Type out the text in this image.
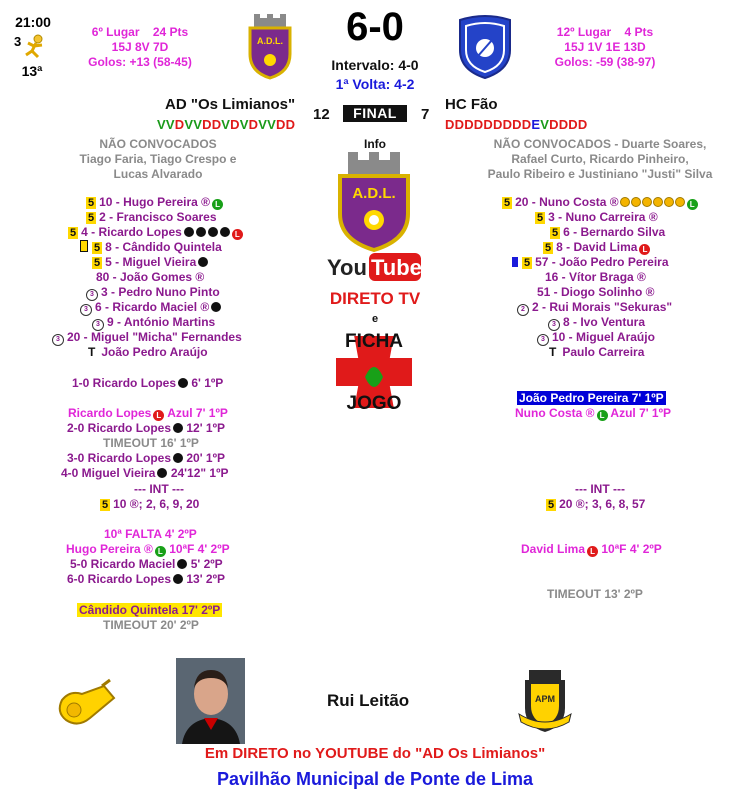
21:00
3
13ª
6º Lugar 24 Pts
15J 8V 7D
Golos: +13 (58-45)
A.D.L.	6-0
Intervalo: 4-0
1ª Volta: 4-2
12º Lugar 4 Pts
15J 1V 1E 13D
Golos: -59 (38-97)
AD "Os Limianos"
12	FINAL	7
HC Fão
VVDVVDDVDVDVVDD	DDDDDDDDDEVDDDD
Info
A.D.L.
You Tube
DIRETO TV
e
FICHA
JOGO
NÃO CONVOCADOS
Tiago Faria, Tiago Crespo e
Lucas Alvarado
5 10 - Hugo Pereira ® L
5 2 - Francisco Soares
5 4 - Ricardo Lopes	L
5 8 - Cândido Quintela
5 5 - Miguel Vieira
80 - João Gomes ®
3 3 - Pedro Nuno Pinto
3 6 - Ricardo Maciel ®
3 9 - António Martins
3 20 - Miguel "Micha" Fernandes
T João Pedro Araújo
NÃO CONVOCADOS - Duarte Soares,
Rafael Curto, Ricardo Pinheiro,
Paulo Ribeiro e Justiniano "Justi" Silva
5 20 - Nuno Costa ®	L
5 3 - Nuno Carreira ®
5 6 - Bernardo Silva
5 8 - David Lima L
5 57 - João Pedro Pereira
16 - Vítor Braga ®
51 - Diogo Solinho ®
2 2 - Rui Morais "Sekuras"
3 8 - Ivo Ventura
3 10 - Miguel Araújo
T Paulo Carreira
1-0 Ricardo Lopes 6' 1ºP
Ricardo Lopes L Azul 7' 1ºP
2-0 Ricardo Lopes 12' 1ºP
TIMEOUT 16' 1ºP
3-0 Ricardo Lopes 20' 1ºP
4-0 Miguel Vieira 24'12" 1ºP
--- INT ---
5 10 ®; 2, 6, 9, 20
10ª FALTA 4' 2ºP
Hugo Pereira ® L 10ªF 4' 2ºP
5-0 Ricardo Maciel 5' 2ºP
6-0 Ricardo Lopes 13' 2ºP
Cândido Quintela 17' 2ºP
TIMEOUT 20' 2ºP
João Pedro Pereira 7' 1ºP
Nuno Costa ® L Azul 7' 1ºP
--- INT ---
5 20 ®; 3, 6, 8, 57
David Lima L 10ªF 4' 2ºP
TIMEOUT 13' 2ºP
Rui Leitão	APM
Em DIRETO no YOUTUBE do "AD Os Limianos"
Pavilhão Municipal de Ponte de Lima
